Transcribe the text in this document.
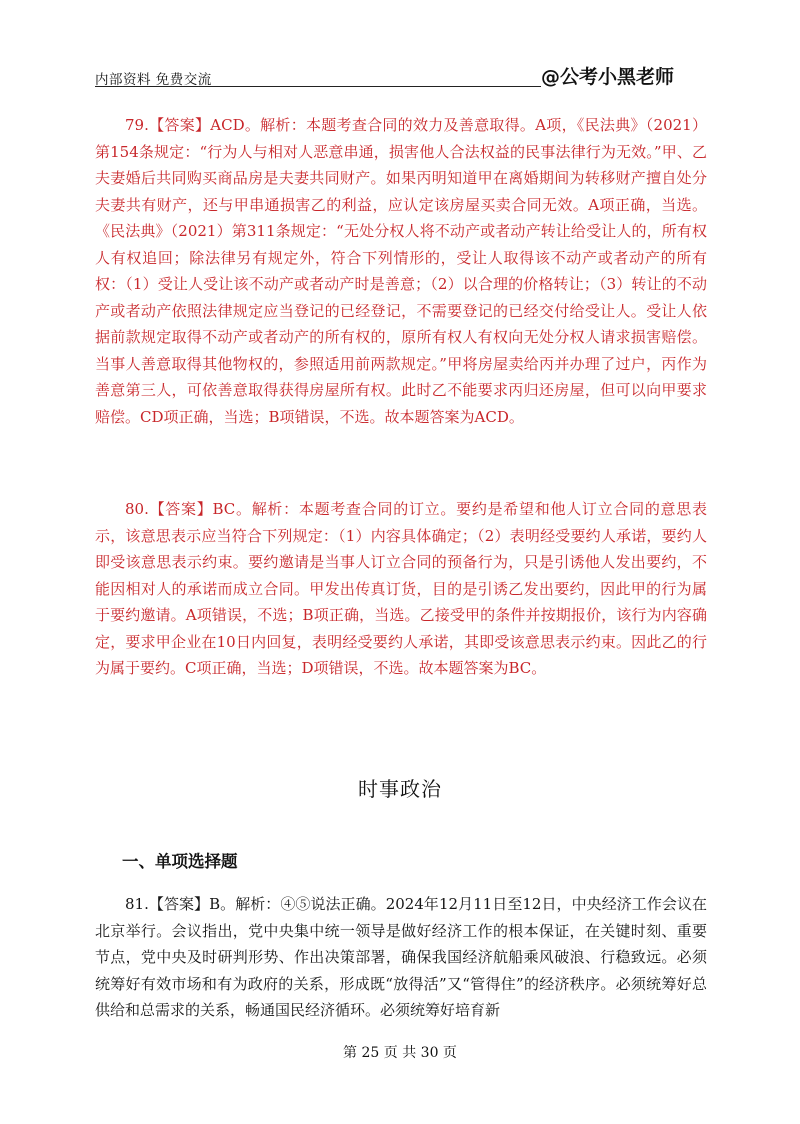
内部资料 免费交流	@公考小黑老师

79.【答案】ACD。解析：本题考查合同的效力及善意取得。A项，《民法典》（2021）第154条规定：“行为人与相对人恶意串通，损害他人合法权益的民事法律行为无效。”甲、乙夫妻婚后共同购买商品房是夫妻共同财产。如果丙明知道甲在离婚期间为转移财产擅自处分夫妻共有财产，还与甲串通损害乙的利益，应认定该房屋买卖合同无效。A项正确，当选。《民法典》（2021）第311条规定：“无处分权人将不动产或者动产转让给受让人的，所有权人有权追回；除法律另有规定外，符合下列情形的，受让人取得该不动产或者动产的所有权：（1）受让人受让该不动产或者动产时是善意；（2）以合理的价格转让；（3）转让的不动产或者动产依照法律规定应当登记的已经登记，不需要登记的已经交付给受让人。受让人依据前款规定取得不动产或者动产的所有权的，原所有权人有权向无处分权人请求损害赔偿。当事人善意取得其他物权的，参照适用前两款规定。”甲将房屋卖给丙并办理了过户，丙作为善意第三人，可依善意取得获得房屋所有权。此时乙不能要求丙归还房屋，但可以向甲要求赔偿。CD项正确，当选；B项错误，不选。故本题答案为ACD。

80.【答案】BC。解析：本题考查合同的订立。要约是希望和他人订立合同的意思表示，该意思表示应当符合下列规定：（1）内容具体确定；（2）表明经受要约人承诺，要约人即受该意思表示约束。要约邀请是当事人订立合同的预备行为，只是引诱他人发出要约，不能因相对人的承诺而成立合同。甲发出传真订货，目的是引诱乙发出要约，因此甲的行为属于要约邀请。A项错误，不选；B项正确，当选。乙接受甲的条件并按期报价，该行为内容确定，要求甲企业在10日内回复，表明经受要约人承诺，其即受该意思表示约束。因此乙的行为属于要约。C项正确，当选；D项错误，不选。故本题答案为BC。

时事政治
一、单项选择题

81.【答案】B。解析：④⑤说法正确。2024年12月11日至12日，中央经济工作会议在北京举行。会议指出，党中央集中统一领导是做好经济工作的根本保证，在关键时刻、重要节点，党中央及时研判形势、作出决策部署，确保我国经济航船乘风破浪、行稳致远。必须统筹好有效市场和有为政府的关系，形成既“放得活”又“管得住”的经济秩序。必须统筹好总供给和总需求的关系，畅通国民经济循环。必须统筹好培育新

第 25 页 共 30 页
